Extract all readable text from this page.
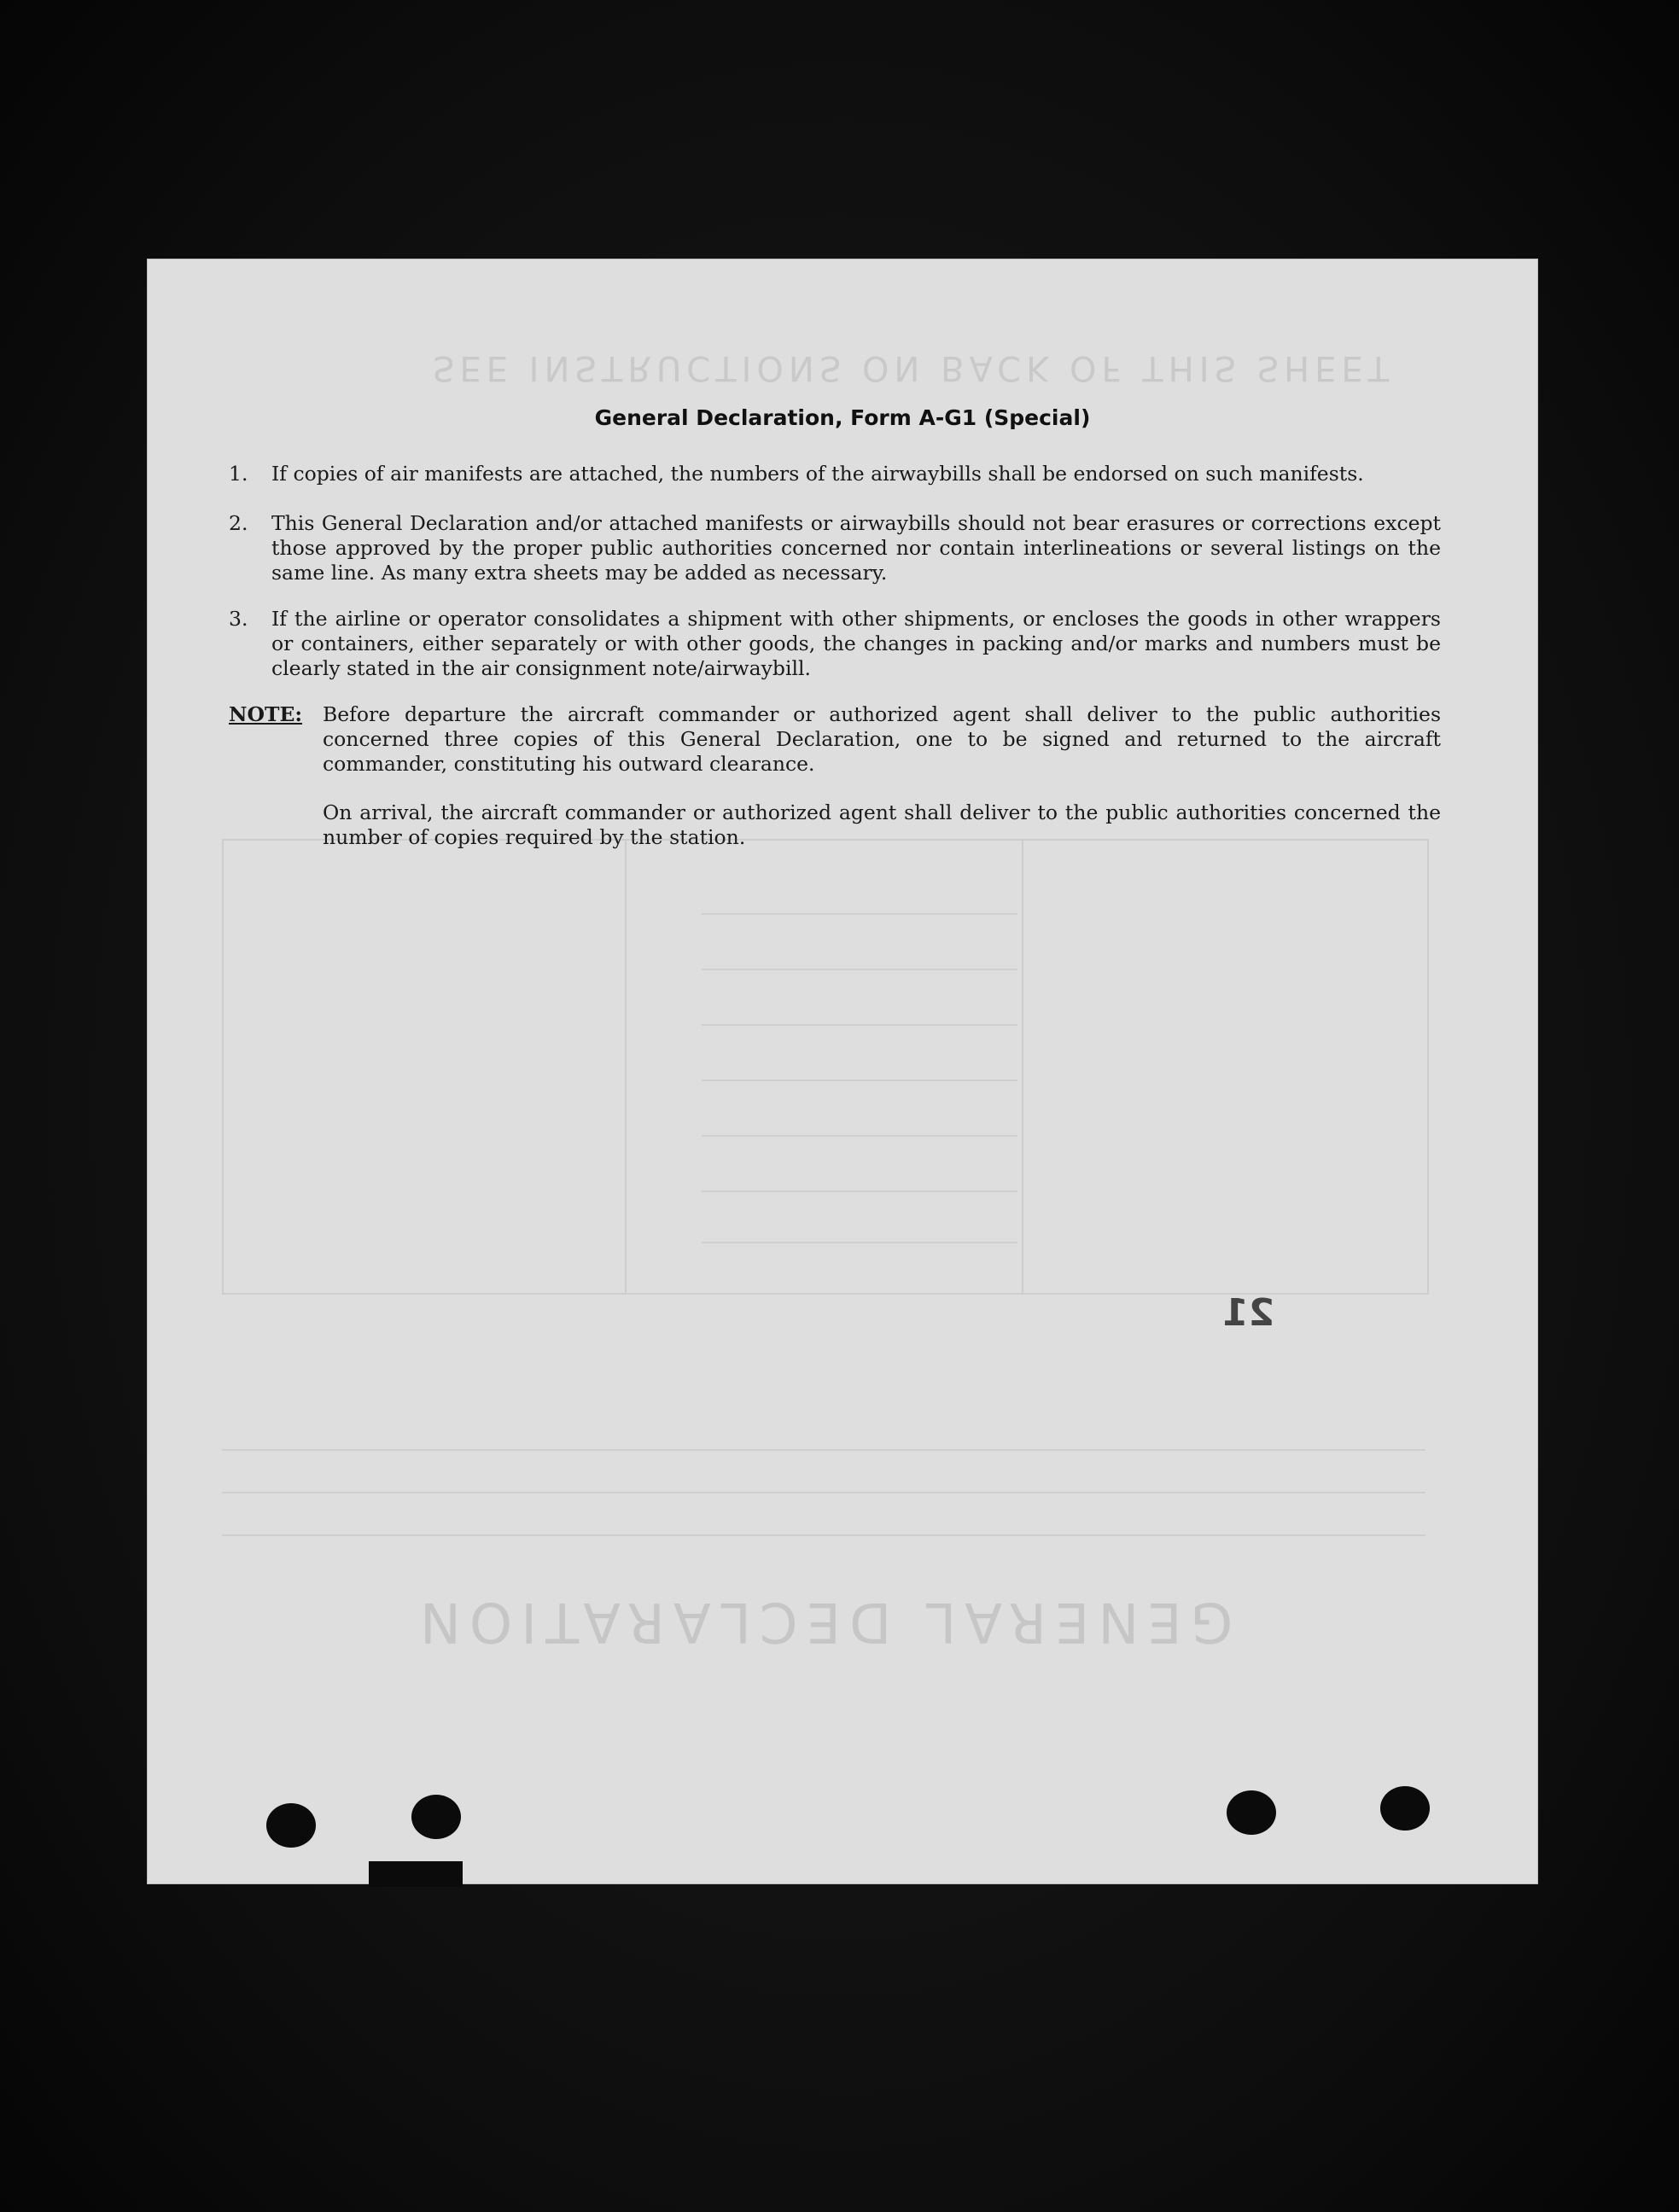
SEE INSTRUCTIONS ON BACK OF THIS SHEET
GENERAL DECLARATION
21
General Declaration, Form A-G1 (Special)
1.	If copies of air manifests are attached, the numbers of the airwaybills shall be endorsed on such manifests.
2.	This General Declaration and/or attached manifests or airwaybills should not bear erasures or corrections except those approved by the proper public authorities concerned nor contain interlineations or several listings on the same line. As many extra sheets may be added as necessary.
3.	If the airline or operator consolidates a shipment with other shipments, or encloses the goods in other wrappers or containers, either separately or with other goods, the changes in packing and/or marks and numbers must be clearly stated in the air consignment note/airwaybill.
NOTE: Before departure the aircraft commander or authorized agent shall deliver to the public authorities concerned three copies of this General Declaration, one to be signed and returned to the aircraft commander, constituting his outward clearance.
On arrival, the aircraft commander or authorized agent shall deliver to the public authorities concerned the number of copies required by the station.
